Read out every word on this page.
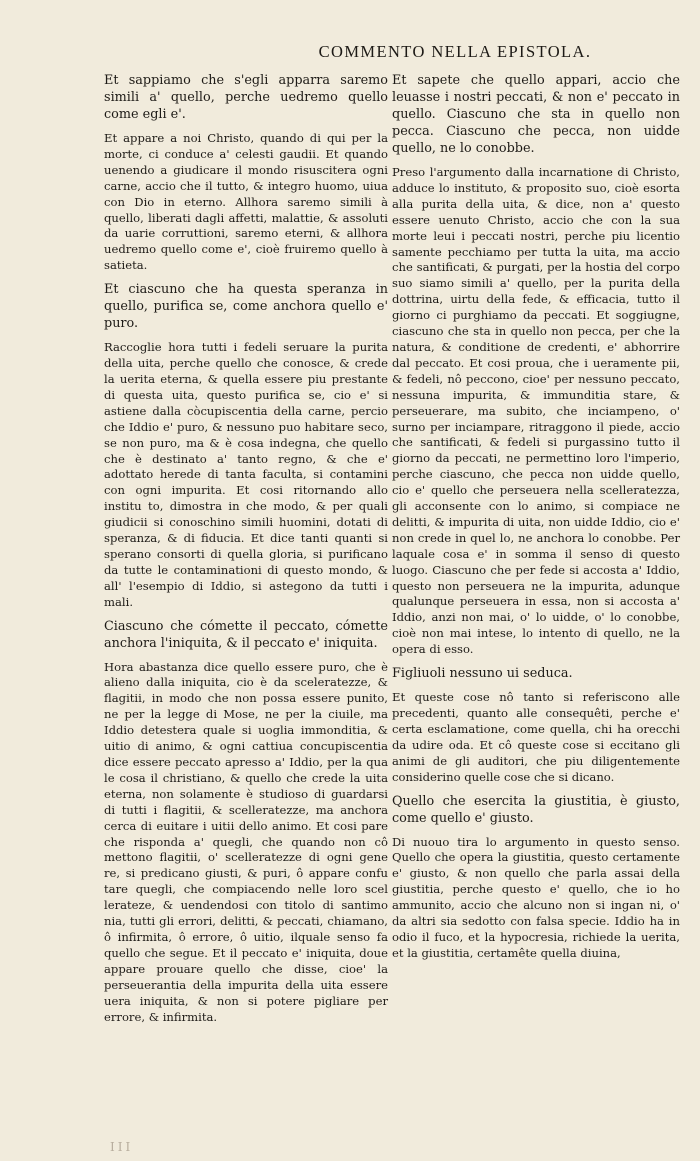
COMMENTO NELLA EPISTOLA.

Et sappiamo che s'egli apparra saremo simili a' quello, perche uedremo quello come egli e'.

Et appare a noi Christo, quando di qui per la morte, ci conduce a' celesti gaudii. Et quando uenendo a giudicare il mondo risuscitera ogni carne, accio che il tutto, & integro huomo, uiua con Dio in eterno. Allhora saremo simili à quello, liberati dagli affetti, malattie, & assoluti da uarie corruttioni, saremo eterni, & allhora uedremo quello come e', cioè fruiremo quello à satieta.

Et ciascuno che ha questa speranza in quello, purifica se, come anchora quello e' puro.

Raccoglie hora tutti i fedeli seruare la purita della uita, perche quello che conosce, & crede la uerita eterna, & quella essere piu prestante di questa uita, questo purifica se, cio e' si astiene dalla còcupiscentia della carne, percio che Iddio e' puro, & nessuno puo habitare seco, se non puro, ma & è cosa indegna, che quello che è destinato a' tanto regno, & che e' adottato herede di tanta faculta, si contamini con ogni impurita. Et cosi ritornando allo institu to, dimostra in che modo, & per quali giudicii si conoschino simili huomini, dotati di speranza, & di fiducia. Et dice tanti quanti si sperano consorti di quella gloria, si purificano da tutte le contaminationi di questo mondo, & all' l'esempio di Iddio, si astegono da tutti i mali.

Ciascuno che cómette il peccato, cómette anchora l'iniquita, & il peccato e' iniquita.

Hora abastanza dice quello essere puro, che è alieno dalla iniquita, cio è da sceleratezze, & flagitii, in modo che non possa essere punito, ne per la legge di Mose, ne per la ciuile, ma Iddio detestera quale si uoglia immonditia, & uitio di animo, & ogni cattiua concupiscentia dice essere peccato apresso a' Iddio, per la qua le cosa il christiano, & quello che crede la uita eterna, non solamente è studioso di guardarsi di tutti i flagitii, & scelleratezze, ma anchora cerca di euitare i uitii dello animo. Et cosi pare che risponda a' quegli, che quando non cô mettono flagitii, o' scelleratezze di ogni gene re, si predicano giusti, & puri, ô appare confu tare quegli, che compiacendo nelle loro scel lerateze, & uendendosi con titolo di santimo nia, tutti gli errori, delitti, & peccati, chiamano, ô infirmita, ô errore, ô uitio, ilquale senso fa quello che segue. Et il peccato e' iniquita, doue appare prouare quello che disse, cioe' la perseuerantia della impurita della uita essere uera iniquita, & non si potere pigliare per errore, & infirmita.

Et sapete che quello appari, accio che leuasse i nostri peccati, & non e' peccato in quello. Ciascuno che sta in quello non pecca. Ciascuno che pecca, non uidde quello, ne lo conobbe.

Preso l'argumento dalla incarnatione di Christo, adduce lo instituto, & proposito suo, cioè esorta alla purita della uita, & dice, non a' questo essere uenuto Christo, accio che con la sua morte leui i peccati nostri, perche piu licentio samente pecchiamo per tutta la uita, ma accio che santificati, & purgati, per la hostia del corpo suo siamo simili a' quello, per la purita della dottrina, uirtu della fede, & efficacia, tutto il giorno ci purghiamo da peccati. Et soggiugne, ciascuno che sta in quello non pecca, per che la natura, & conditione de credenti, e' abhorrire dal peccato. Et cosi proua, che i ueramente pii, & fedeli, nô peccono, cioe' per nessuno peccato, nessuna impurita, & immunditia stare, & perseuerare, ma subito, che inciampeno, o' surno per inciampare, ritraggono il piede, accio che santificati, & fedeli si purgassino tutto il giorno da peccati, ne permettino loro l'imperio, perche ciascuno, che pecca non uidde quello, cio e' quello che perseuera nella scelleratezza, gli acconsente con lo animo, si compiace ne delitti, & impurita di uita, non uidde Iddio, cio e' non crede in quel lo, ne anchora lo conobbe. Per laquale cosa e' in somma il senso di questo luogo. Ciascuno che per fede si accosta a' Iddio, questo non perseuera ne la impurita, adunque qualunque perseuera in essa, non si accosta a' Iddio, anzi non mai, o' lo uidde, o' lo conobbe, cioè non mai intese, lo intento di quello, ne la opera di esso.

Figliuoli nessuno ui seduca.

Et queste cose nô tanto si referiscono alle precedenti, quanto alle consequêti, perche e' certa esclamatione, come quella, chi ha orecchi da udire oda. Et cô queste cose si eccitano gli animi de gli auditori, che piu diligentemente considerino quelle cose che si dicano.

Quello che esercita la giustitia, è giusto, come quello e' giusto.

Di nuouo tira lo argumento in questo senso. Quello che opera la giustitia, questo certamente e' giusto, & non quello che parla assai della giustitia, perche questo e' quello, che io ho ammunito, accio che alcuno non si ingan ni, o' da altri sia sedotto con falsa specie. Iddio ha in odio il fuco, et la hypocresia, richiede la uerita, et la giustitia, certamête quella diuina,

III
